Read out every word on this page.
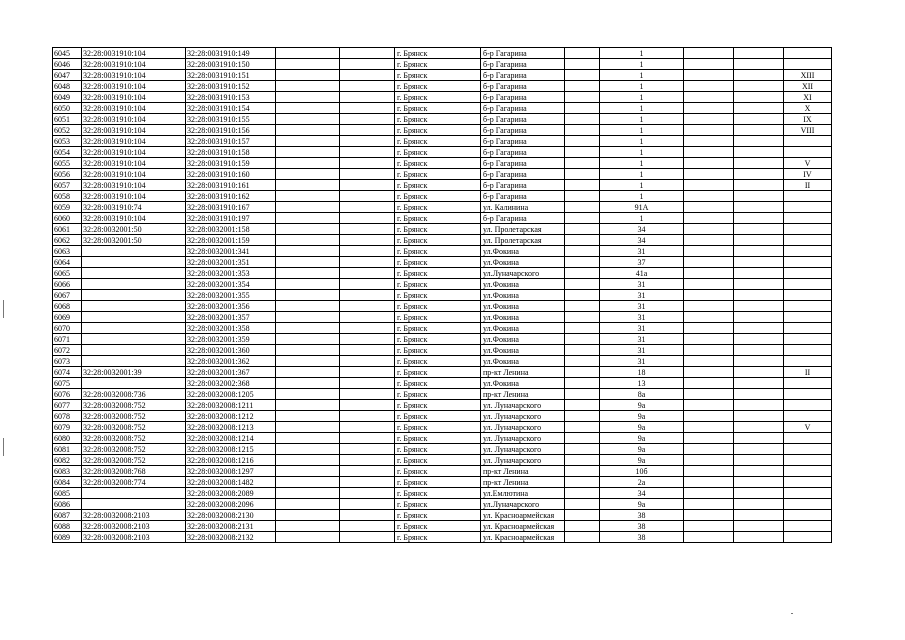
6045	32:28:0031910:104	32:28:0031910:149			г. Брянск	б-р Гагарина		1			
6046	32:28:0031910:104	32:28:0031910:150			г. Брянск	б-р Гагарина		1			
6047	32:28:0031910:104	32:28:0031910:151			г. Брянск	б-р Гагарина		1			XIII
6048	32:28:0031910:104	32:28:0031910:152			г. Брянск	б-р Гагарина		1			XII
6049	32:28:0031910:104	32:28:0031910:153			г. Брянск	б-р Гагарина		1			XI
6050	32:28:0031910:104	32:28:0031910:154			г. Брянск	б-р Гагарина		1			X
6051	32:28:0031910:104	32:28:0031910:155			г. Брянск	б-р Гагарина		1			IX
6052	32:28:0031910:104	32:28:0031910:156			г. Брянск	б-р Гагарина		1			VIII
6053	32:28:0031910:104	32:28:0031910:157			г. Брянск	б-р Гагарина		1			
6054	32:28:0031910:104	32:28:0031910:158			г. Брянск	б-р Гагарина		1			
6055	32:28:0031910:104	32:28:0031910:159			г. Брянск	б-р Гагарина		1			V
6056	32:28:0031910:104	32:28:0031910:160			г. Брянск	б-р Гагарина		1			IV
6057	32:28:0031910:104	32:28:0031910:161			г. Брянск	б-р Гагарина		1			II
6058	32:28:0031910:104	32:28:0031910:162			г. Брянск	б-р Гагарина		1			
6059	32:28:0031910:74	32:28:0031910:167			г. Брянск	ул. Калинина		91А			
6060	32:28:0031910:104	32:28:0031910:197			г. Брянск	б-р Гагарина		1			
6061	32:28:0032001:50	32:28:0032001:158			г. Брянск	ул. Пролетарская		34			
6062	32:28:0032001:50	32:28:0032001:159			г. Брянск	ул. Пролетарская		34			
6063		32:28:0032001:341			г. Брянск	ул.Фокина		31			
6064		32:28:0032001:351			г. Брянск	ул.Фокина		37			
6065		32:28:0032001:353			г. Брянск	ул.Луначарского		41а			
6066		32:28:0032001:354			г. Брянск	ул.Фокина		31			
6067		32:28:0032001:355			г. Брянск	ул.Фокина		31			
6068		32:28:0032001:356			г. Брянск	ул.Фокина		31			
6069		32:28:0032001:357			г. Брянск	ул.Фокина		31			
6070		32:28:0032001:358			г. Брянск	ул.Фокина		31			
6071		32:28:0032001:359			г. Брянск	ул.Фокина		31			
6072		32:28:0032001:360			г. Брянск	ул.Фокина		31			
6073		32:28:0032001:362			г. Брянск	ул.Фокина		31			
6074	32:28:0032001:39	32:28:0032001:367			г. Брянск	пр-кт Ленина		18			II
6075		32:28:0032002:368			г. Брянск	ул.Фокина		13			
6076	32:28:0032008:736	32:28:0032008:1205			г. Брянск	пр-кт Ленина		8а			
6077	32:28:0032008:752	32:28:0032008:1211			г. Брянск	ул. Луначарского		9а			
6078	32:28:0032008:752	32:28:0032008:1212			г. Брянск	ул. Луначарского		9а			
6079	32:28:0032008:752	32:28:0032008:1213			г. Брянск	ул. Луначарского		9а			V
6080	32:28:0032008:752	32:28:0032008:1214			г. Брянск	ул. Луначарского		9а			
6081	32:28:0032008:752	32:28:0032008:1215			г. Брянск	ул. Луначарского		9а			
6082	32:28:0032008:752	32:28:0032008:1216			г. Брянск	ул. Луначарского		9а			
6083	32:28:0032008:768	32:28:0032008:1297			г. Брянск	пр-кт Ленина		10б			
6084	32:28:0032008:774	32:28:0032008:1482			г. Брянск	пр-кт Ленина		2а			
6085		32:28:0032008:2089			г. Брянск	ул.Емлютина		34			
6086		32:28:0032008:2096			г. Брянск	ул.Луначарского		9а			
6087	32:28:0032008:2103	32:28:0032008:2130			г. Брянск	ул. Красноармейская		38			
6088	32:28:0032008:2103	32:28:0032008:2131			г. Брянск	ул. Красноармейская		38			
6089	32:28:0032008:2103	32:28:0032008:2132			г. Брянск	ул. Красноармейская		38			
